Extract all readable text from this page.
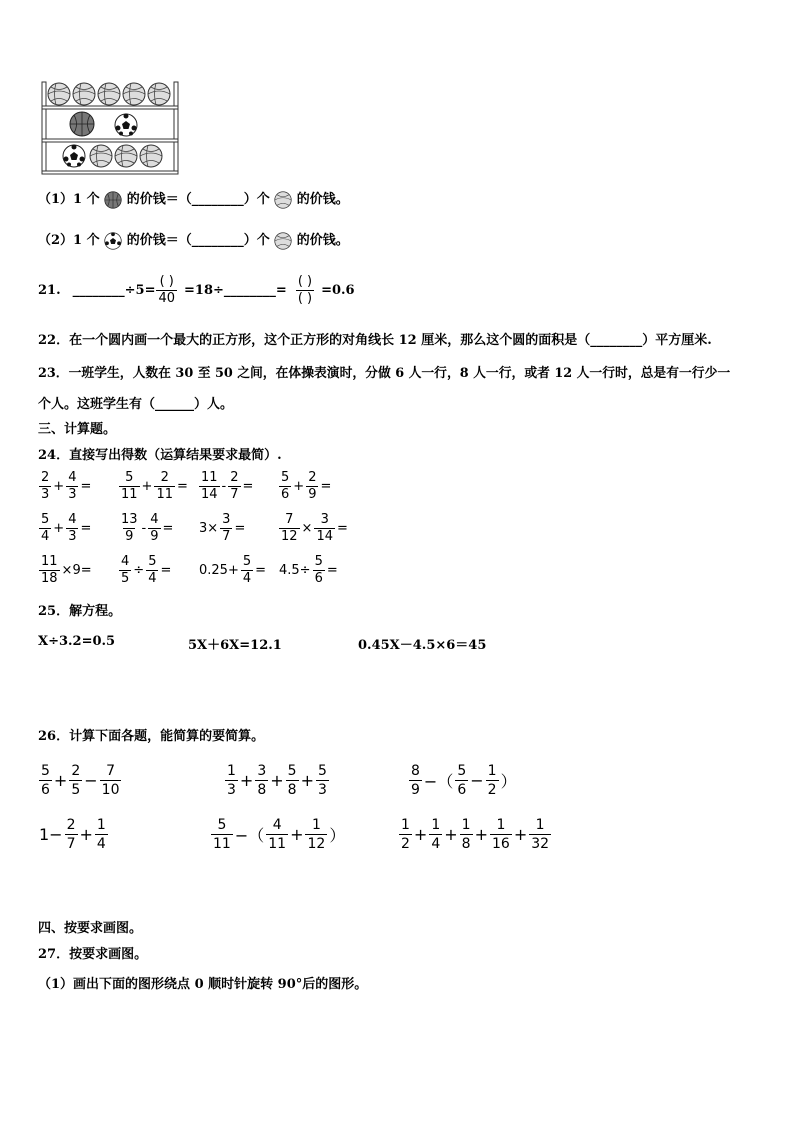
（1）1 个 的价钱＝（________）个 的价钱。
（2）1 个 的价钱＝（________）个 的价钱。
21. ________ $\div 5= \frac{( )}{40} =18\div$ ________ = $\frac{( )}{( )} =0.6$
22．在一个圆内画一个最大的正方形，这个正方形的对角线长 12 厘米，那么这个圆的面积是（________）平方厘米.
23．一班学生，人数在 30 至 50 之间，在体操表演时，分做 6 人一行，8 人一行，或者 12 人一行时，总是有一行少一
个人。这班学生有（______）人。
三、计算题。
24．直接写出得数（运算结果要求最简）.
$\frac{2}{3} + \frac{4}{3} = \frac{5}{11} + \frac{2}{11} = \frac{11}{14} - \frac{2}{7} = \frac{5}{6} + \frac{2}{9}$ =
$\frac{5}{4} + \frac{4}{3} = \frac{13}{9} - \frac{4}{9} = 3\times \frac{3}{7}$ =	$\frac{7}{12} \times \frac{3}{14}$ =
$\frac{11}{18} \times 9= \frac{4}{5} \div \frac{5}{4} = 0.25+ \frac{5}{4} = 4.5\div \frac{5}{6}$ =
25．解方程。
X÷3.2=0.5	5X＋6X=12.1	0.45X－4.5×6＝45
26．计算下面各题，能简算的要简算。
$\frac{5}{6} + \frac{2}{5} - \frac{7}{10}$	$\frac{1}{3} + \frac{3}{8} + \frac{5}{8} + \frac{5}{3}$	$\frac{8}{9}$ −（ $\frac{5}{6} - \frac{1}{2}$ ）
$1- \frac{2}{7} + \frac{1}{4}$	$\frac{5}{11}$ −（ $\frac{4}{11} + \frac{1}{12}$ ）	$\frac{1}{2} + \frac{1}{4} + \frac{1}{8} + \frac{1}{16} + \frac{1}{32}$
四、按要求画图。
27．按要求画图。
（1）画出下面的图形绕点 0 顺时针旋转 90°后的图形。
